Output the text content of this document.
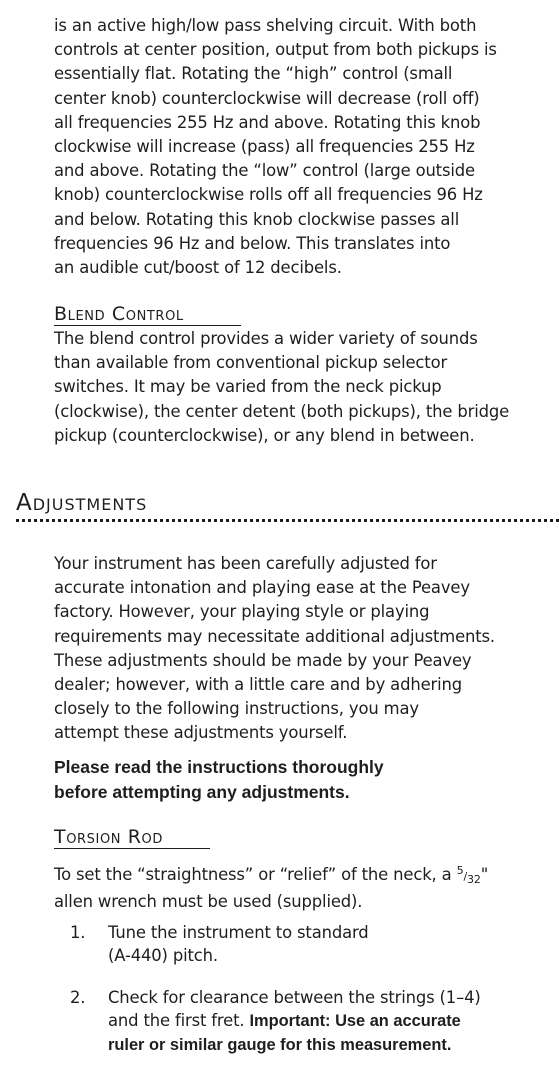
is an active high/low pass shelving circuit. With both
controls at center position, output from both pickups is
essentially flat. Rotating the “high” control (small
center knob) counterclockwise will decrease (roll off)
all frequencies 255 Hz and above. Rotating this knob
clockwise will increase (pass) all frequencies 255 Hz
and above. Rotating the “low” control (large outside
knob) counterclockwise rolls off all frequencies 96 Hz
and below. Rotating this knob clockwise passes all
frequencies 96 Hz and below. This translates into
an audible cut/boost of 12 decibels.

Blend Control

The blend control provides a wider variety of sounds
than available from conventional pickup selector
switches. It may be varied from the neck pickup
(clockwise), the center detent (both pickups), the bridge
pickup (counterclockwise), or any blend in between.

Adjustments

Your instrument has been carefully adjusted for
accurate intonation and playing ease at the Peavey
factory. However, your playing style or playing
requirements may necessitate additional adjustments.
These adjustments should be made by your Peavey
dealer; however, with a little care and by adhering
closely to the following instructions, you may
attempt these adjustments yourself.

Please read the instructions thoroughly
before attempting any adjustments.

Torsion Rod

To set the “straightness” or “relief” of the neck, a 5/32"
allen wrench must be used (supplied).

1.	Tune the instrument to standard
(A-440) pitch.
2.	Check for clearance between the strings (1–4)
and the first fret. Important: Use an accurate
ruler or similar gauge for this measurement.
